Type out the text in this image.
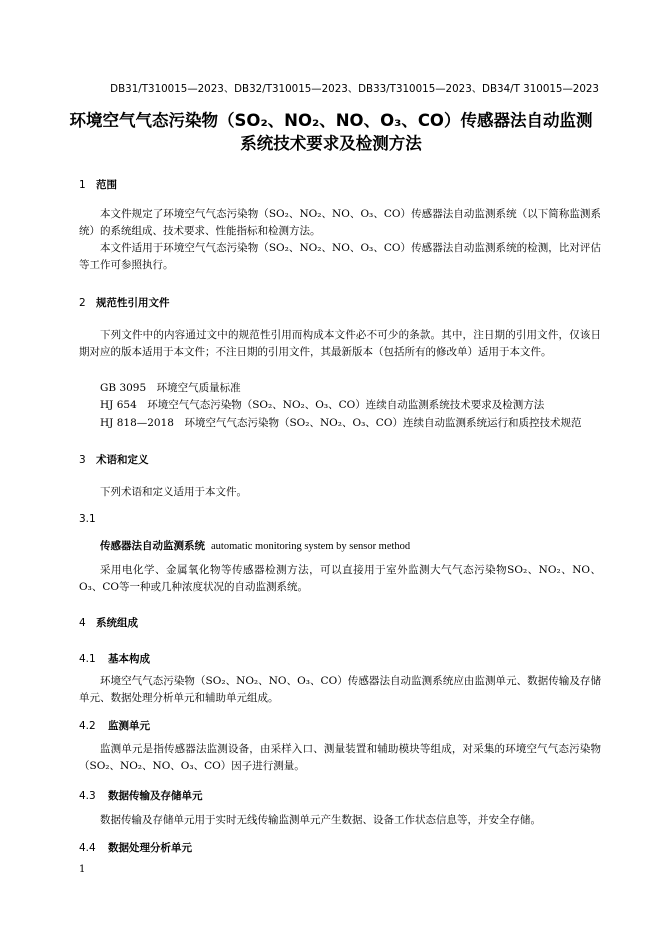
DB31/T310015—2023、DB32/T310015—2023、DB33/T310015—2023、DB34/T 310015—2023
环境空气气态污染物（SO₂、NO₂、NO、O₃、CO）传感器法自动监测
系统技术要求及检测方法
1 范围

本文件规定了环境空气气态污染物（SO₂、NO₂、NO、O₃、CO）传感器法自动监测系统（以下简称监测系统）的系统组成、技术要求、性能指标和检测方法。

本文件适用于环境空气气态污染物（SO₂、NO₂、NO、O₃、CO）传感器法自动监测系统的检测，比对评估等工作可参照执行。

2 规范性引用文件

下列文件中的内容通过文中的规范性引用而构成本文件必不可少的条款。其中，注日期的引用文件，仅该日期对应的版本适用于本文件；不注日期的引用文件，其最新版本（包括所有的修改单）适用于本文件。

GB 3095　环境空气质量标准
HJ 654　环境空气气态污染物（SO₂、NO₂、O₃、CO）连续自动监测系统技术要求及检测方法
HJ 818—2018　环境空气气态污染物（SO₂、NO₂、O₃、CO）连续自动监测系统运行和质控技术规范
3 术语和定义

下列术语和定义适用于本文件。

3.1
传感器法自动监测系统 automatic monitoring system by sensor method

采用电化学、金属氧化物等传感器检测方法，可以直接用于室外监测大气气态污染物SO₂、NO₂、NO、O₃、CO等一种或几种浓度状况的自动监测系统。

4 系统组成
4.1 基本构成

环境空气气态污染物（SO₂、NO₂、NO、O₃、CO）传感器法自动监测系统应由监测单元、数据传输及存储单元、数据处理分析单元和辅助单元组成。

4.2 监测单元

监测单元是指传感器法监测设备，由采样入口、测量装置和辅助模块等组成，对采集的环境空气气态污染物（SO₂、NO₂、NO、O₃、CO）因子进行测量。

4.3 数据传输及存储单元

数据传输及存储单元用于实时无线传输监测单元产生数据、设备工作状态信息等，并安全存储。

4.4 数据处理分析单元
1
